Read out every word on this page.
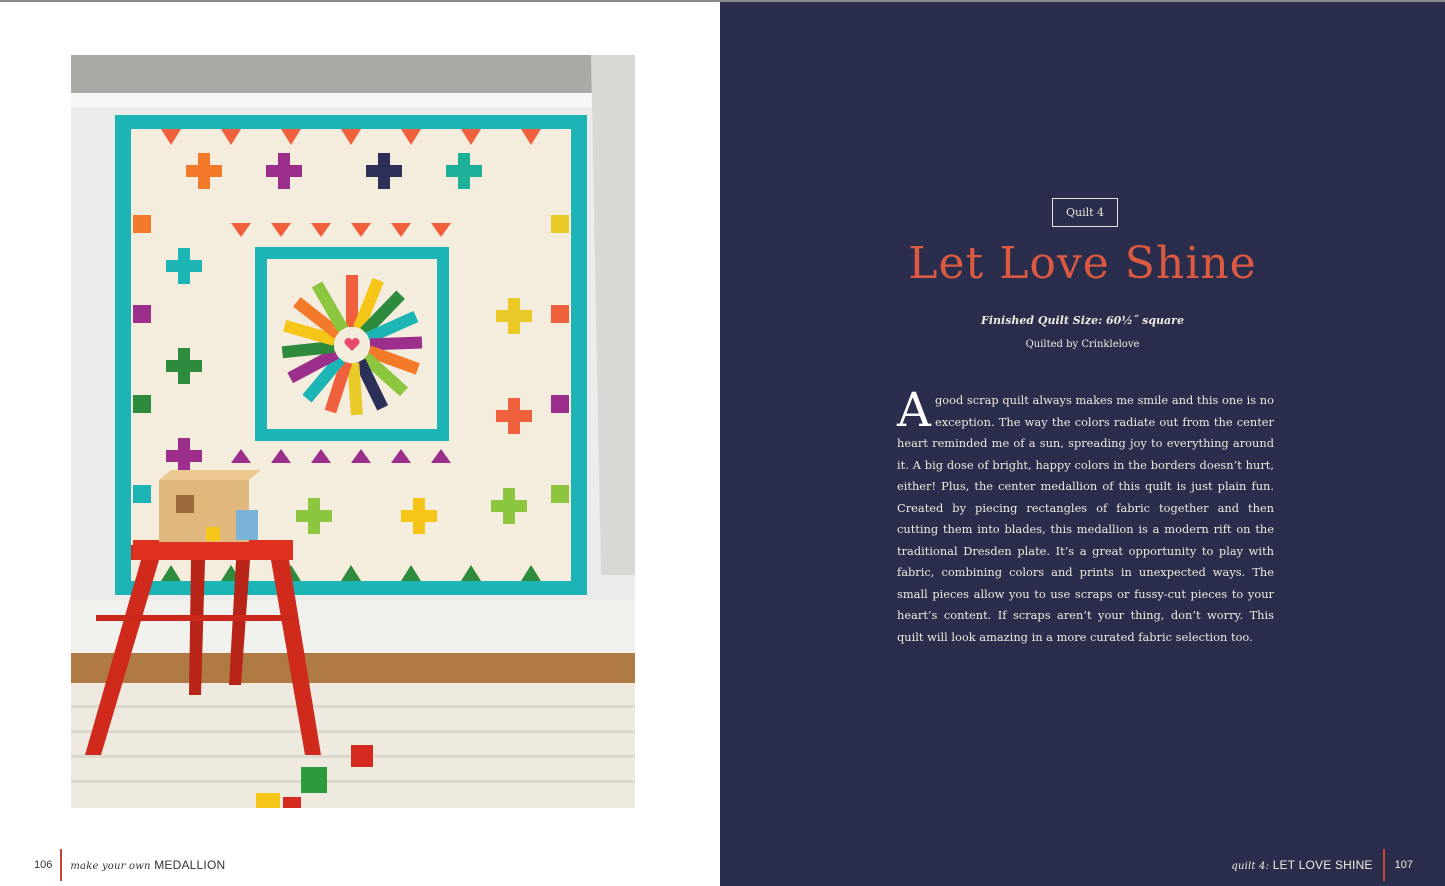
106 make your own MEDALLION
Quilt 4
Let Love Shine
Finished Quilt Size: 60½˝ square
Quilted by Crinklelove
Agood scrap quilt always makes me smile and this one is no exception. The way the colors radiate out from the center heart reminded me of a sun, spreading joy to everything around it. A big dose of bright, happy colors in the borders doesn’t hurt, either! Plus, the center medallion of this quilt is just plain fun. Created by piecing rectangles of fabric together and then cutting them into blades, this medallion is a modern rift on the traditional Dresden plate. It’s a great opportunity to play with fabric, combining colors and prints in unexpected ways. The small pieces allow you to use scraps or fussy-cut pieces to your heart’s content. If scraps aren’t your thing, don’t worry. This quilt will look amazing in a more curated fabric selection too.
quilt 4: LET LOVE SHINE 107
